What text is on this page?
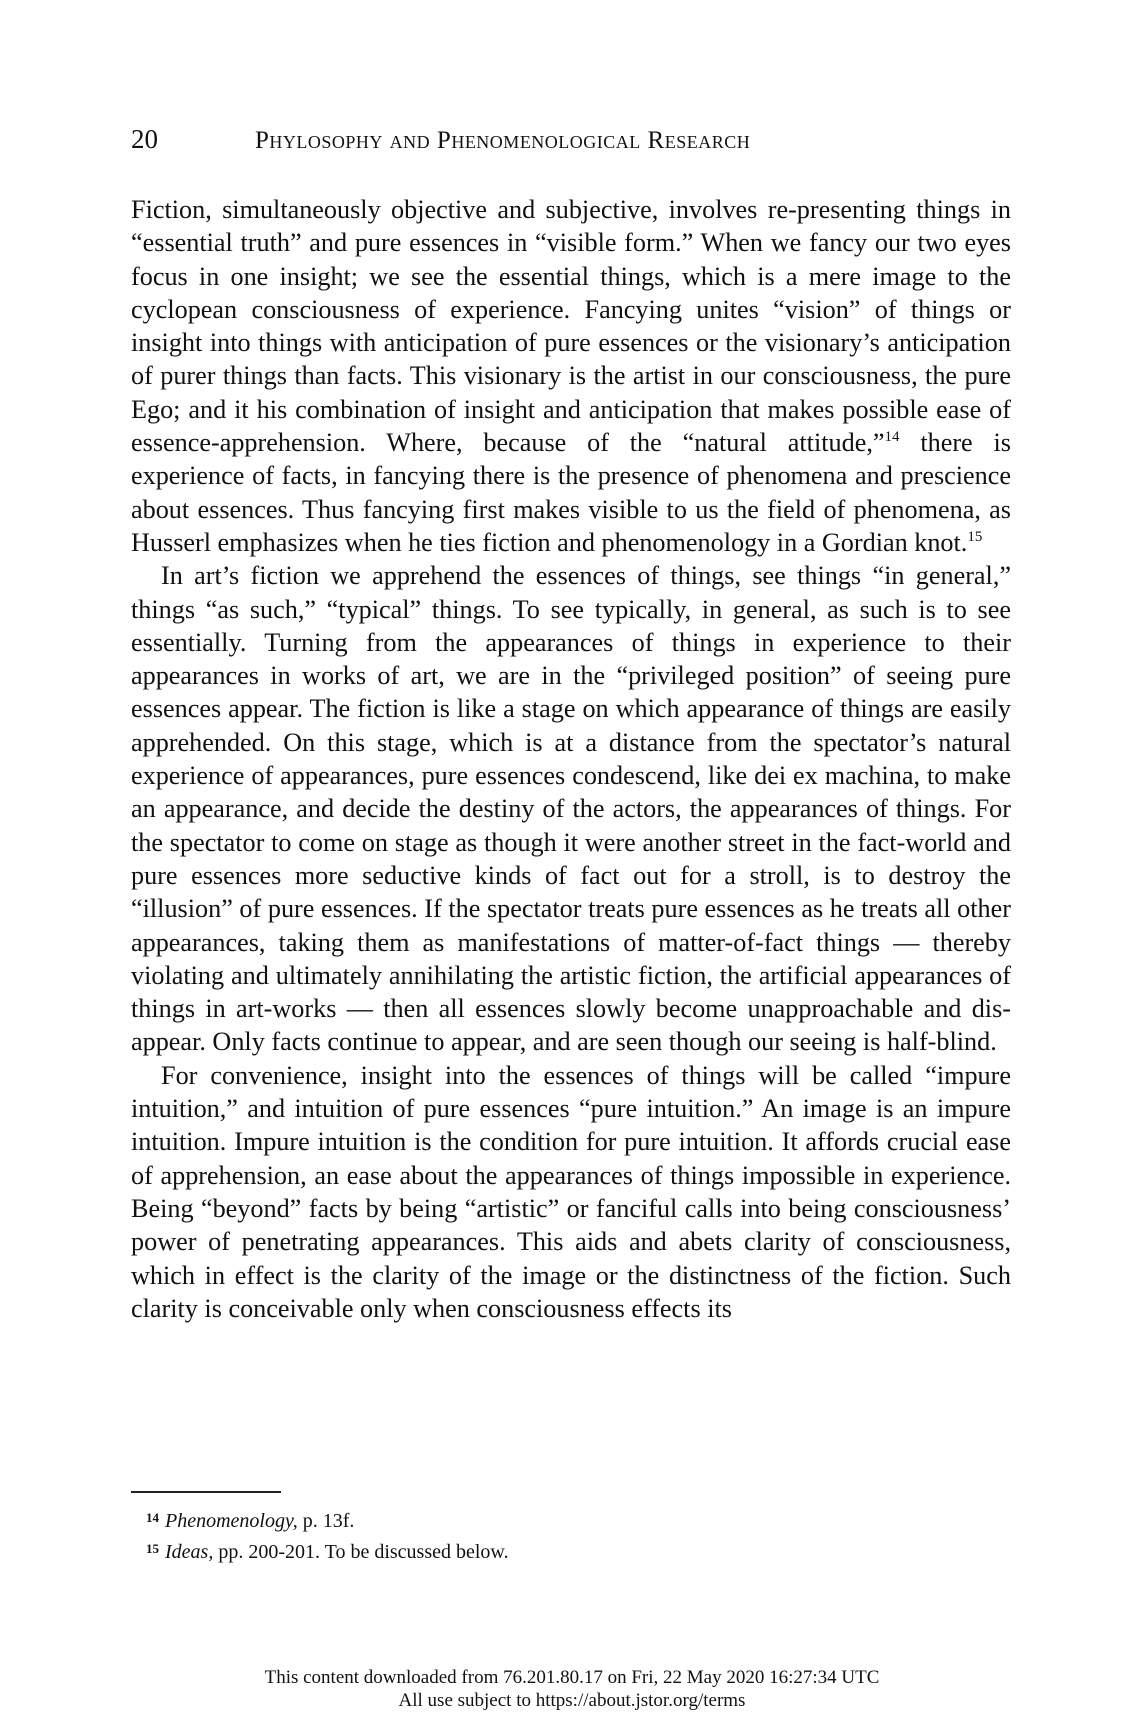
20	Phylosophy and Phenomenological Research

Fiction, simultaneously objective and subjective, involves re-presenting things in “essential truth” and pure essences in “visible form.” When we fancy our two eyes focus in one insight; we see the essential things, which is a mere image to the cyclopean consciousness of experience. Fancying unites “vision” of things or insight into things with anticipation of pure essences or the visionary’s anticipation of purer things than facts. This visionary is the artist in our consciousness, the pure Ego; and it his combination of insight and anticipation that makes possible ease of essence-apprehension. Where, because of the “natural attitude,”$^{14}$ there is experience of facts, in fancying there is the presence of phenomena and prescience about essences. Thus fancying first makes visible to us the field of phenomena, as Husserl emphasizes when he ties fiction and phenomenology in a Gordian knot.$^{15}$

In art’s fiction we apprehend the essences of things, see things “in general,” things “as such,” “typical” things. To see typically, in general, as such is to see essentially. Turning from the appearances of things in experience to their appearances in works of art, we are in the “privileged position” of seeing pure essences appear. The fiction is like a stage on which appearance of things are easily apprehended. On this stage, which is at a distance from the spectator’s natural experience of appearances, pure essences condescend, like dei ex machina, to make an appearance, and decide the destiny of the actors, the appearances of things. For the spectator to come on stage as though it were another street in the fact-world and pure essences more seductive kinds of fact out for a stroll, is to destroy the “illusion” of pure essences. If the spectator treats pure essences as he treats all other appearances, taking them as manifestations of matter-of-fact things — thereby violating and ultimately annihilating the artistic fiction, the artificial appearances of things in art-works — then all essences slowly become unapproachable and dis-appear. Only facts continue to appear, and are seen though our seeing is half-blind.

For convenience, insight into the essences of things will be called “impure intuition,” and intuition of pure essences “pure intuition.” An image is an impure intuition. Impure intuition is the condition for pure intuition. It affords crucial ease of apprehension, an ease about the appearances of things impossible in experience. Being “beyond” facts by being “artistic” or fanciful calls into being consciousness’ power of penetrating appearances. This aids and abets clarity of consciousness, which in effect is the clarity of the image or the distinctness of the fiction. Such clarity is conceivable only when consciousness effects its

$^{14}$ Phenomenology, p. 13f.
$^{15}$ Ideas, pp. 200-201. To be discussed below.
This content downloaded from 76.201.80.17 on Fri, 22 May 2020 16:27:34 UTC
All use subject to https://about.jstor.org/terms
